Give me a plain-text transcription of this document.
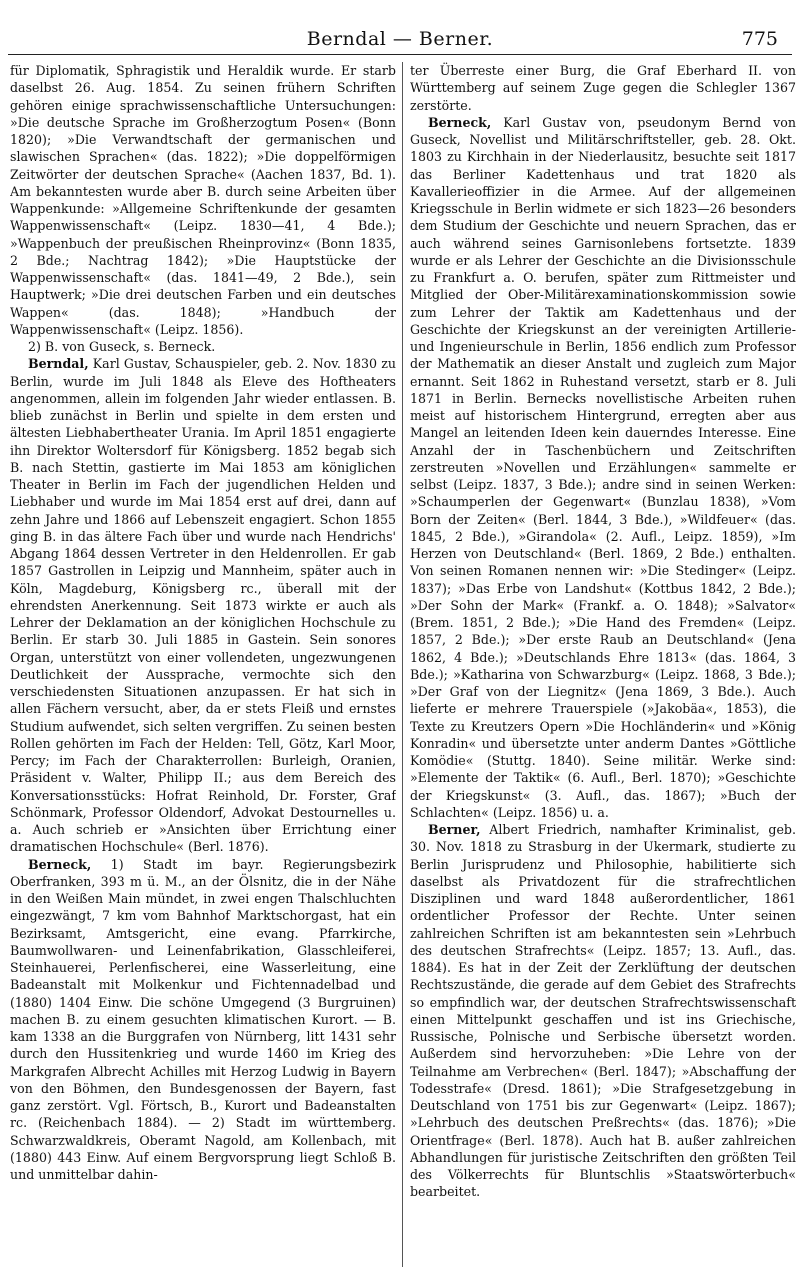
Berndal — Berner.	775

für Diplomatik, Sphragistik und Heraldik wurde. Er starb daselbst 26. Aug. 1854. Zu seinen frühern Schriften gehören einige sprachwissenschaftliche Untersuchungen: »Die deutsche Sprache im Großherzogtum Posen« (Bonn 1820); »Die Verwandtschaft der germanischen und slawischen Sprachen« (das. 1822); »Die doppelförmigen Zeitwörter der deutschen Sprache« (Aachen 1837, Bd. 1). Am bekanntesten wurde aber B. durch seine Arbeiten über Wappenkunde: »Allgemeine Schriftenkunde der gesamten Wappenwissenschaft« (Leipz. 1830—41, 4 Bde.); »Wappenbuch der preußischen Rheinprovinz« (Bonn 1835, 2 Bde.; Nachtrag 1842); »Die Hauptstücke der Wappenwissenschaft« (das. 1841—49, 2 Bde.), sein Hauptwerk; »Die drei deutschen Farben und ein deutsches Wappen« (das. 1848); »Handbuch der Wappenwissenschaft« (Leipz. 1856).

2) B. von Guseck, s. Berneck.

Berndal, Karl Gustav, Schauspieler, geb. 2. Nov. 1830 zu Berlin, wurde im Juli 1848 als Eleve des Hoftheaters angenommen, allein im folgenden Jahr wieder entlassen. B. blieb zunächst in Berlin und spielte in dem ersten und ältesten Liebhabertheater Urania. Im April 1851 engagierte ihn Direktor Woltersdorf für Königsberg. 1852 begab sich B. nach Stettin, gastierte im Mai 1853 am königlichen Theater in Berlin im Fach der jugendlichen Helden und Liebhaber und wurde im Mai 1854 erst auf drei, dann auf zehn Jahre und 1866 auf Lebenszeit engagiert. Schon 1855 ging B. in das ältere Fach über und wurde nach Hendrichs' Abgang 1864 dessen Vertreter in den Heldenrollen. Er gab 1857 Gastrollen in Leipzig und Mannheim, später auch in Köln, Magdeburg, Königsberg rc., überall mit der ehrendsten Anerkennung. Seit 1873 wirkte er auch als Lehrer der Deklamation an der königlichen Hochschule zu Berlin. Er starb 30. Juli 1885 in Gastein. Sein sonores Organ, unterstützt von einer vollendeten, ungezwungenen Deutlichkeit der Aussprache, vermochte sich den verschiedensten Situationen anzupassen. Er hat sich in allen Fächern versucht, aber, da er stets Fleiß und ernstes Studium aufwendet, sich selten vergriffen. Zu seinen besten Rollen gehörten im Fach der Helden: Tell, Götz, Karl Moor, Percy; im Fach der Charakterrollen: Burleigh, Oranien, Präsident v. Walter, Philipp II.; aus dem Bereich des Konversationsstücks: Hofrat Reinhold, Dr. Forster, Graf Schönmark, Professor Oldendorf, Advokat Destournelles u. a. Auch schrieb er »Ansichten über Errichtung einer dramatischen Hochschule« (Berl. 1876).

Berneck, 1) Stadt im bayr. Regierungsbezirk Oberfranken, 393 m ü. M., an der Ölsnitz, die in der Nähe in den Weißen Main mündet, in zwei engen Thalschluchten eingezwängt, 7 km vom Bahnhof Marktschorgast, hat ein Bezirksamt, Amtsgericht, eine evang. Pfarrkirche, Baumwollwaren- und Leinenfabrikation, Glasschleiferei, Steinhauerei, Perlenfischerei, eine Wasserleitung, eine Badeanstalt mit Molkenkur und Fichtennadelbad und (1880) 1404 Einw. Die schöne Umgegend (3 Burgruinen) machen B. zu einem gesuchten klimatischen Kurort. — B. kam 1338 an die Burggrafen von Nürnberg, litt 1431 sehr durch den Hussitenkrieg und wurde 1460 im Krieg des Markgrafen Albrecht Achilles mit Herzog Ludwig in Bayern von den Böhmen, den Bundesgenossen der Bayern, fast ganz zerstört. Vgl. Förtsch, B., Kurort und Badeanstalten rc. (Reichenbach 1884). — 2) Stadt im württemberg. Schwarzwaldkreis, Oberamt Nagold, am Kollenbach, mit (1880) 443 Einw. Auf einem Bergvorsprung liegt Schloß B. und unmittelbar dahin-

ter Überreste einer Burg, die Graf Eberhard II. von Württemberg auf seinem Zuge gegen die Schlegler 1367 zerstörte.

Berneck, Karl Gustav von, pseudonym Bernd von Guseck, Novellist und Militärschriftsteller, geb. 28. Okt. 1803 zu Kirchhain in der Niederlausitz, besuchte seit 1817 das Berliner Kadettenhaus und trat 1820 als Kavallerieoffizier in die Armee. Auf der allgemeinen Kriegsschule in Berlin widmete er sich 1823—26 besonders dem Studium der Geschichte und neuern Sprachen, das er auch während seines Garnisonlebens fortsetzte. 1839 wurde er als Lehrer der Geschichte an die Divisionsschule zu Frankfurt a. O. berufen, später zum Rittmeister und Mitglied der Ober-Militärexaminationskommission sowie zum Lehrer der Taktik am Kadettenhaus und der Geschichte der Kriegskunst an der vereinigten Artillerie- und Ingenieurschule in Berlin, 1856 endlich zum Professor der Mathematik an dieser Anstalt und zugleich zum Major ernannt. Seit 1862 in Ruhestand versetzt, starb er 8. Juli 1871 in Berlin. Bernecks novellistische Arbeiten ruhen meist auf historischem Hintergrund, erregten aber aus Mangel an leitenden Ideen kein dauerndes Interesse. Eine Anzahl der in Taschenbüchern und Zeitschriften zerstreuten »Novellen und Erzählungen« sammelte er selbst (Leipz. 1837, 3 Bde.); andre sind in seinen Werken: »Schaumperlen der Gegenwart« (Bunzlau 1838), »Vom Born der Zeiten« (Berl. 1844, 3 Bde.), »Wildfeuer« (das. 1845, 2 Bde.), »Girandola« (2. Aufl., Leipz. 1859), »Im Herzen von Deutschland« (Berl. 1869, 2 Bde.) enthalten. Von seinen Romanen nennen wir: »Die Stedinger« (Leipz. 1837); »Das Erbe von Landshut« (Kottbus 1842, 2 Bde.); »Der Sohn der Mark« (Frankf. a. O. 1848); »Salvator« (Brem. 1851, 2 Bde.); »Die Hand des Fremden« (Leipz. 1857, 2 Bde.); »Der erste Raub an Deutschland« (Jena 1862, 4 Bde.); »Deutschlands Ehre 1813« (das. 1864, 3 Bde.); »Katharina von Schwarzburg« (Leipz. 1868, 3 Bde.); »Der Graf von der Liegnitz« (Jena 1869, 3 Bde.). Auch lieferte er mehrere Trauerspiele (»Jakobäa«, 1853), die Texte zu Kreutzers Opern »Die Hochländerin« und »König Konradin« und übersetzte unter anderm Dantes »Göttliche Komödie« (Stuttg. 1840). Seine militär. Werke sind: »Elemente der Taktik« (6. Aufl., Berl. 1870); »Geschichte der Kriegskunst« (3. Aufl., das. 1867); »Buch der Schlachten« (Leipz. 1856) u. a.

Berner, Albert Friedrich, namhafter Kriminalist, geb. 30. Nov. 1818 zu Strasburg in der Ukermark, studierte zu Berlin Jurisprudenz und Philosophie, habilitierte sich daselbst als Privatdozent für die strafrechtlichen Disziplinen und ward 1848 außerordentlicher, 1861 ordentlicher Professor der Rechte. Unter seinen zahlreichen Schriften ist am bekanntesten sein »Lehrbuch des deutschen Strafrechts« (Leipz. 1857; 13. Aufl., das. 1884). Es hat in der Zeit der Zerklüftung der deutschen Rechtszustände, die gerade auf dem Gebiet des Strafrechts so empfindlich war, der deutschen Strafrechtswissenschaft einen Mittelpunkt geschaffen und ist ins Griechische, Russische, Polnische und Serbische übersetzt worden. Außerdem sind hervorzuheben: »Die Lehre von der Teilnahme am Verbrechen« (Berl. 1847); »Abschaffung der Todesstrafe« (Dresd. 1861); »Die Strafgesetzgebung in Deutschland von 1751 bis zur Gegenwart« (Leipz. 1867); »Lehrbuch des deutschen Preßrechts« (das. 1876); »Die Orientfrage« (Berl. 1878). Auch hat B. außer zahlreichen Abhandlungen für juristische Zeitschriften den größten Teil des Völkerrechts für Bluntschlis »Staatswörterbuch« bearbeitet.
